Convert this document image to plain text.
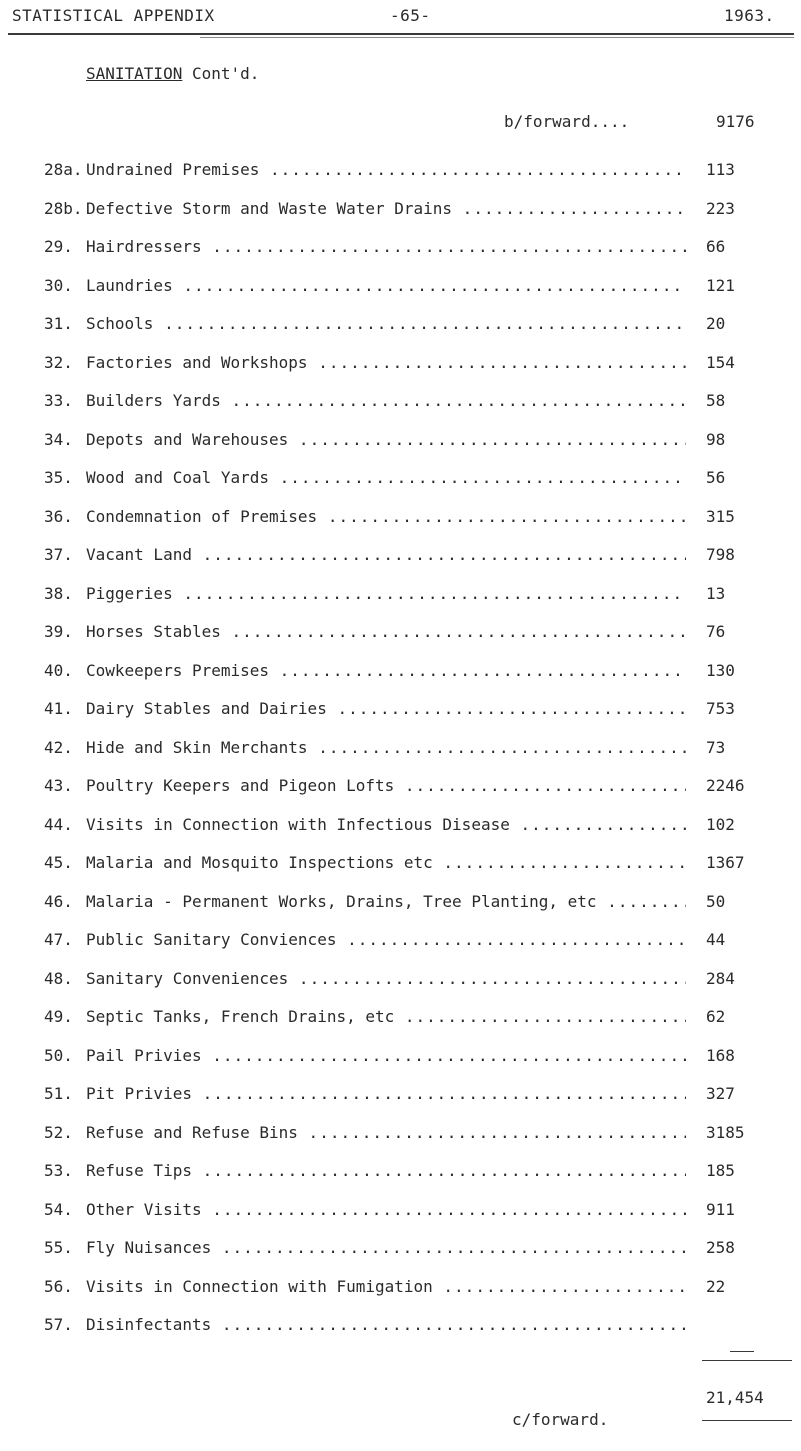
STATISTICAL APPENDIX	-65-	1963.
SANITATION Cont'd.
b/forward....	9176
28a. Undrained Premises .....	113
28b. Defective Storm and Waste Water Drains .....	223
29. Hairdressers .....	66
30. Laundries .....	121
31. Schools .....	20
32. Factories and Workshops .....	154
33. Builders Yards .....	58
34. Depots and Warehouses .....	98
35. Wood and Coal Yards .....	56
36. Condemnation of Premises .....	315
37. Vacant Land .....	798
38. Piggeries .....	13
39. Horses Stables .....	76
40. Cowkeepers Premises .....	130
41. Dairy Stables and Dairies .....	753
42. Hide and Skin Merchants .....	73
43. Poultry Keepers and Pigeon Lofts .....	2246
44. Visits in Connection with Infectious Disease .....	102
45. Malaria and Mosquito Inspections etc .....	1367
46. Malaria - Permanent Works, Drains, Tree Planting, etc .....	50
47. Public Sanitary Conviences .....	44
48. Sanitary Conveniences .....	284
49. Septic Tanks, French Drains, etc .....	62
50. Pail Privies .....	168
51. Pit Privies .....	327
52. Refuse and Refuse Bins .....	3185
53. Refuse Tips .....	185
54. Other Visits .....	911
55. Fly Nuisances .....	258
56. Visits in Connection with Fumigation .....	22
57. Disinfectants .....
21,454
c/forward.
